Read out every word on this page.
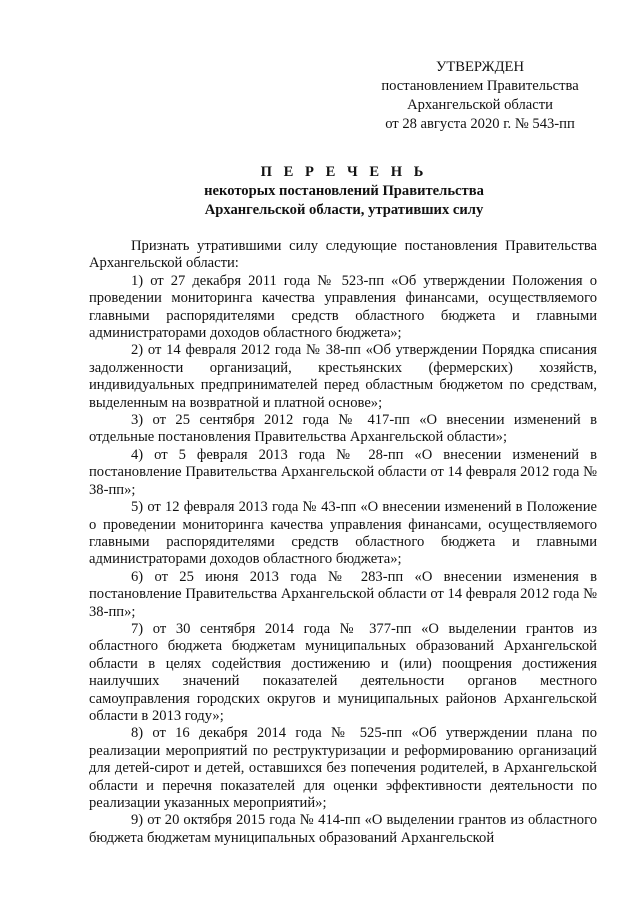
УТВЕРЖДЕН
постановлением Правительства
Архангельской области
от 28 августа 2020 г. № 543-пп
П Е Р Е Ч Е Н Ь
некоторых постановлений Правительства
Архангельской области, утративших силу

Признать утратившими силу следующие постановления Правительства Архангельской области:

1) от 27 декабря 2011 года № 523-пп «Об утверждении Положения о проведении мониторинга качества управления финансами, осуществляемого главными распорядителями средств областного бюджета и главными администраторами доходов областного бюджета»;

2) от 14 февраля 2012 года № 38-пп «Об утверждении Порядка списания задолженности организаций, крестьянских (фермерских) хозяйств, индивидуальных предпринимателей перед областным бюджетом по средствам, выделенным на возвратной и платной основе»;

3) от 25 сентября 2012 года № 417-пп «О внесении изменений в отдельные постановления Правительства Архангельской области»;

4) от 5 февраля 2013 года № 28-пп «О внесении изменений в постановление Правительства Архангельской области от 14 февраля 2012 года № 38-пп»;

5) от 12 февраля 2013 года № 43-пп «О внесении изменений в Положение о проведении мониторинга качества управления финансами, осуществляемого главными распорядителями средств областного бюджета и главными администраторами доходов областного бюджета»;

6) от 25 июня 2013 года № 283-пп «О внесении изменения в постановление Правительства Архангельской области от 14 февраля 2012 года № 38-пп»;

7) от 30 сентября 2014 года № 377-пп «О выделении грантов из областного бюджета бюджетам муниципальных образований Архангельской области в целях содействия достижению и (или) поощрения достижения наилучших значений показателей деятельности органов местного самоуправления городских округов и муниципальных районов Архангельской области в 2013 году»;

8) от 16 декабря 2014 года № 525-пп «Об утверждении плана по реализации мероприятий по реструктуризации и реформированию организаций для детей-сирот и детей, оставшихся без попечения родителей, в Архангельской области и перечня показателей для оценки эффективности деятельности по реализации указанных мероприятий»;

9) от 20 октября 2015 года № 414-пп «О выделении грантов из областного бюджета бюджетам муниципальных образований Архангельской
